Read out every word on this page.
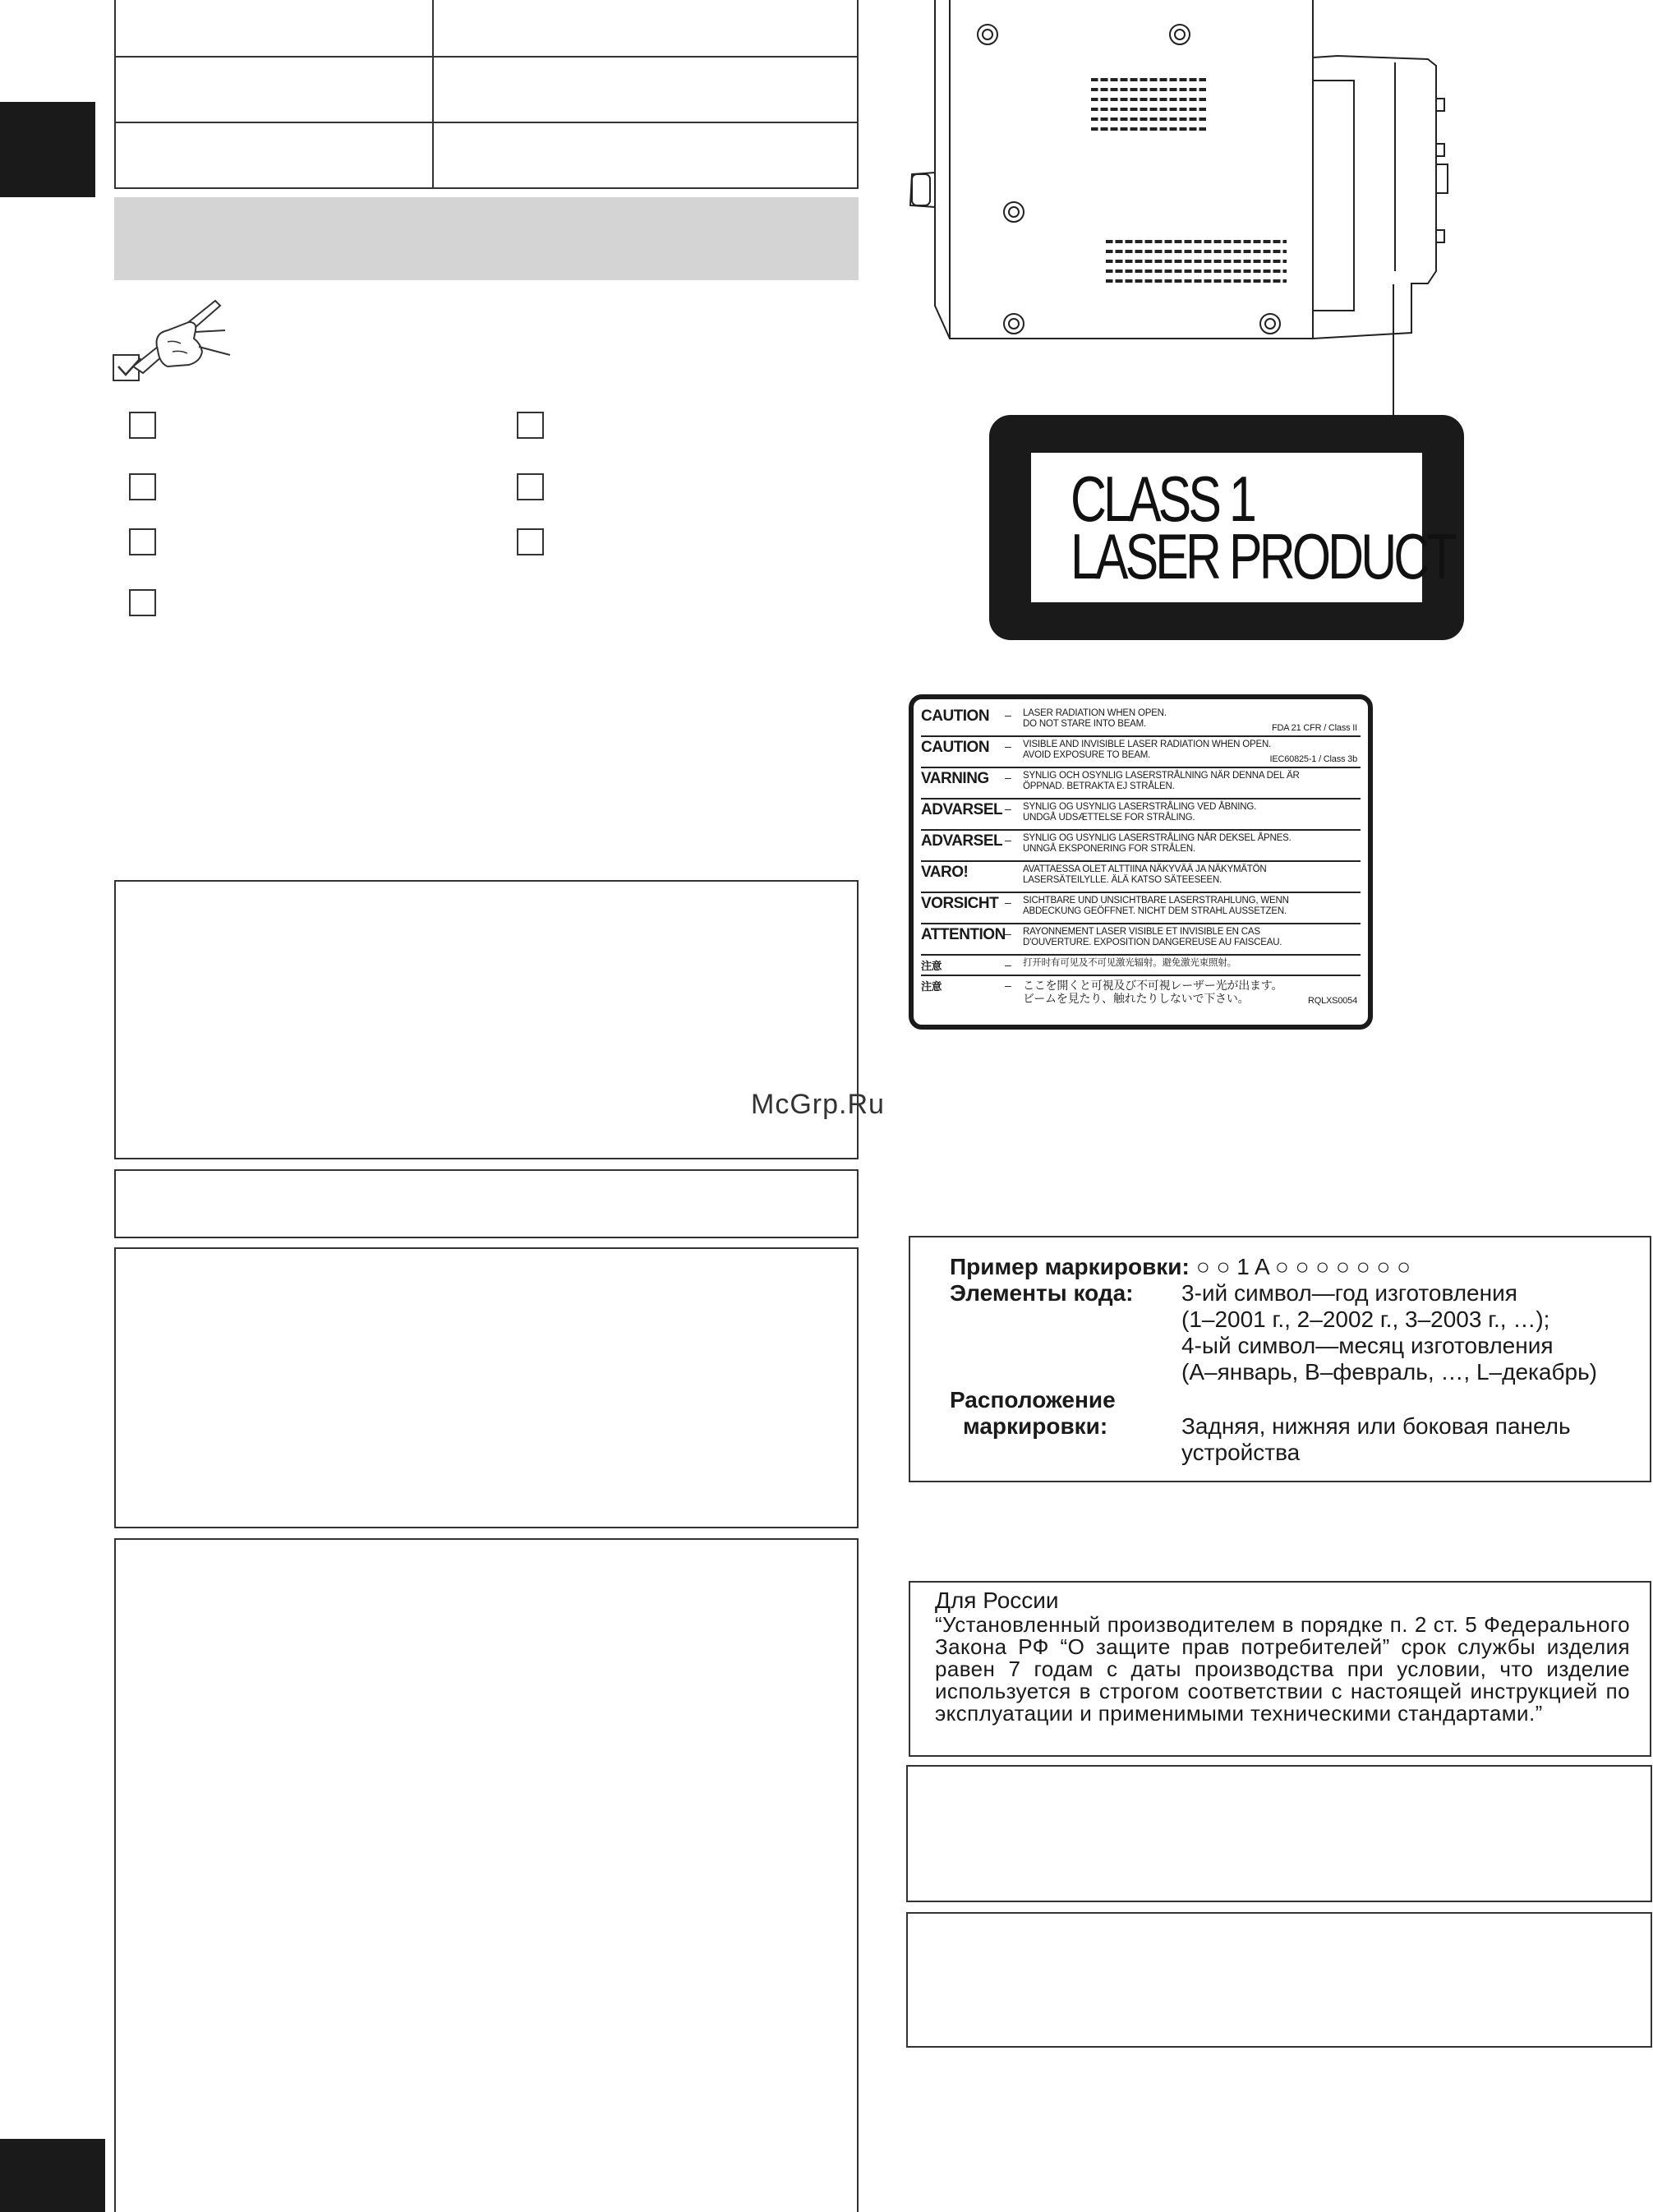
CLASS 1
LASER PRODUCT
CAUTION	–	LASER RADIATION WHEN OPEN.
DO NOT STARE INTO BEAM.	FDA 21 CFR / Class II
CAUTION	–	VISIBLE AND INVISIBLE LASER RADIATION WHEN OPEN.
AVOID EXPOSURE TO BEAM.	IEC60825-1 / Class 3b
VARNING	–	SYNLIG OCH OSYNLIG LASERSTRÅLNING NÄR DENNA DEL ÄR
ÖPPNAD. BETRAKTA EJ STRÅLEN.
ADVARSEL –	SYNLIG OG USYNLIG LASERSTRÅLING VED ÅBNING.
UNDGÅ UDSÆTTELSE FOR STRÅLING.
ADVARSEL –	SYNLIG OG USYNLIG LASERSTRÅLING NÅR DEKSEL ÅPNES.
UNNGÅ EKSPONERING FOR STRÅLEN.
VARO!	AVATTAESSA OLET ALTTIINA NÄKYVÄÄ JA NÄKYMÄTÖN
LASERSÄTEILYLLE. ÄLÄ KATSO SÄTEESEEN.
VORSICHT –	SICHTBARE UND UNSICHTBARE LASERSTRAHLUNG, WENN
ABDECKUNG GEÖFFNET. NICHT DEM STRAHL AUSSETZEN.
ATTENTION –	RAYONNEMENT LASER VISIBLE ET INVISIBLE EN CAS
D'OUVERTURE. EXPOSITION DANGEREUSE AU FAISCEAU.
注意	–	打开时有可见及不可见激光辐射。避免激光束照射。
注意	–	ここを開くと可視及び不可視レーザー光が出ます。
ビームを見たり、触れたりしないで下さい。	RQLXS0054
McGrp.Ru
Пример маркировки: ○ ○ 1 A ○ ○ ○ ○ ○ ○ ○
Элементы кода:	3-ий символ—год изготовления
(1–2001 г., 2–2002 г., 3–2003 г., …);
4-ый символ—месяц изготовления
(А–январь, В–февраль, …, L–декабрь)
Расположение
маркировки:	Задняя, нижняя или боковая панель
устройства
Для России
“Установленный производителем в порядке п. 2 ст. 5 Федерального Закона РФ “О защите прав потребителей” срок службы изделия равен 7 годам с даты производства при условии, что изделие используется в строгом соответствии с настоящей инструкцией по эксплуатации и применимыми техническими стандартами.”
